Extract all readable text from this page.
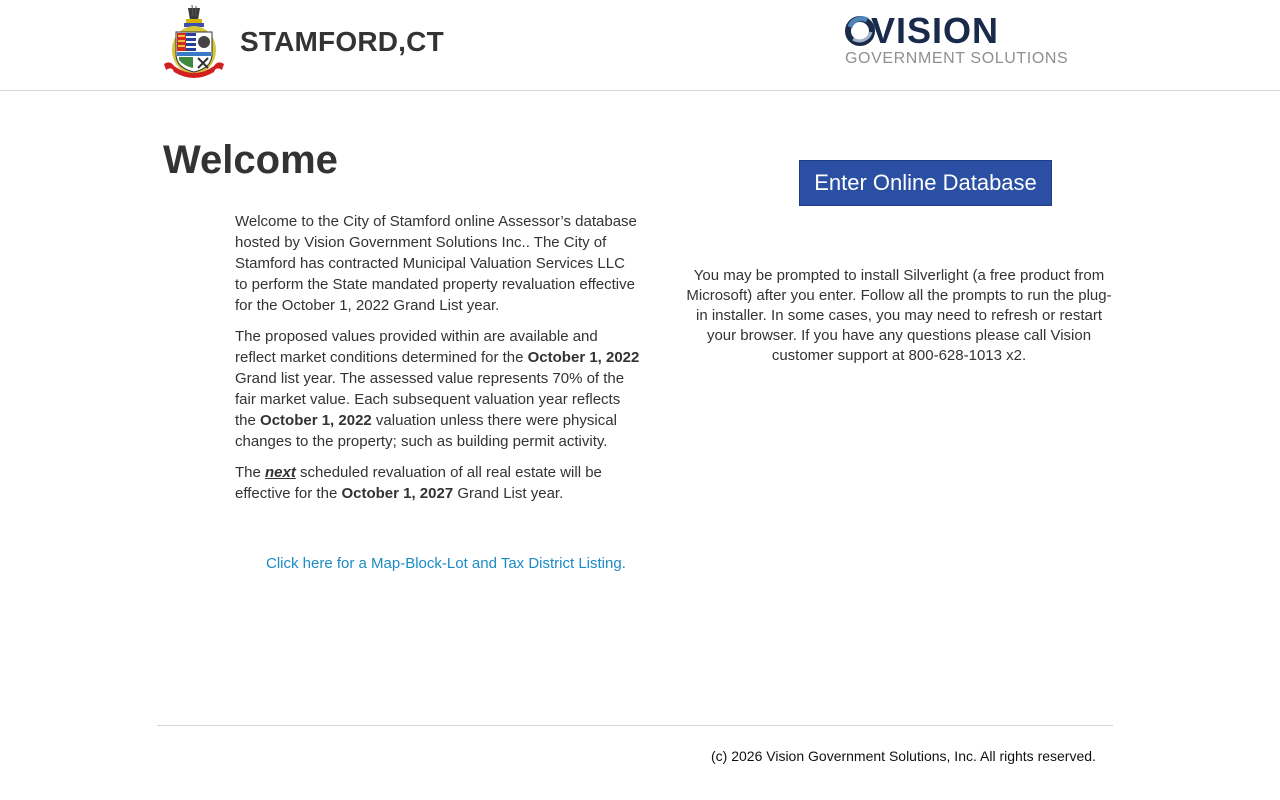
STAMFORD,CT	VISION
GOVERNMENT SOLUTIONS
Welcome

Welcome to the City of Stamford online Assessor’s database hosted by Vision Government Solutions Inc.. The City of Stamford has contracted Municipal Valuation Services LLC to perform the State mandated property revaluation effective for the October 1, 2022 Grand List year.

The proposed values provided within are available and reflect market conditions determined for the October 1, 2022 Grand list year. The assessed value represents 70% of the fair market value. Each subsequent valuation year reflects the October 1, 2022 valuation unless there were physical changes to the property; such as building permit activity.

The next scheduled revaluation of all real estate will be effective for the October 1, 2027 Grand List year.

Click here for a Map-Block-Lot and Tax District Listing.
Enter Online Database
You may be prompted to install Silverlight (a free product from Microsoft) after you enter. Follow all the prompts to run the plug-in installer. In some cases, you may need to refresh or restart your browser. If you have any questions please call Vision customer support at 800-628-1013 x2.
(c) 2026 Vision Government Solutions, Inc. All rights reserved.
